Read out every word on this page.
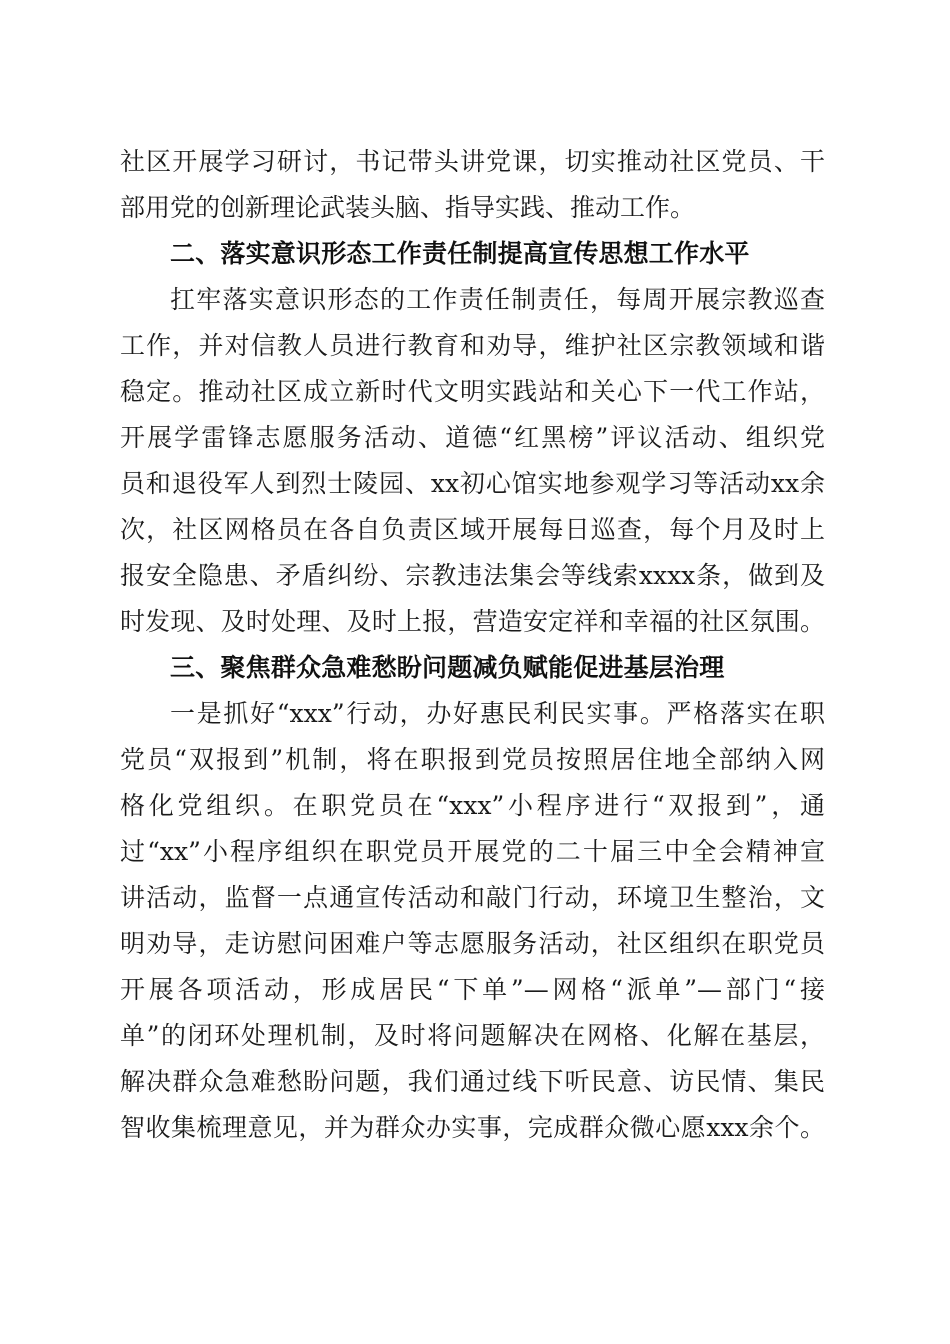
社区开展学习研讨，书记带头讲党课，切实推动社区党员、干
部用党的创新理论武装头脑、指导实践、推动工作。
二、落实意识形态工作责任制提高宣传思想工作水平
扛牢落实意识形态的工作责任制责任，每周开展宗教巡查
工作，并对信教人员进行教育和劝导，维护社区宗教领域和谐
稳定。推动社区成立新时代文明实践站和关心下一代工作站，
开展学雷锋志愿服务活动、道德“红黑榜”评议活动、组织党
员和退役军人到烈士陵园、xx初心馆实地参观学习等活动xx余
次，社区网格员在各自负责区域开展每日巡查，每个月及时上
报安全隐患、矛盾纠纷、宗教违法集会等线索xxxx条，做到及
时发现、及时处理、及时上报，营造安定祥和幸福的社区氛围。
三、聚焦群众急难愁盼问题减负赋能促进基层治理
一是抓好“xxx”行动，办好惠民利民实事。严格落实在职
党员“双报到”机制，将在职报到党员按照居住地全部纳入网
格化党组织。在职党员在“xxx”小程序进行“双报到”，通
过“xx”小程序组织在职党员开展党的二十届三中全会精神宣
讲活动，监督一点通宣传活动和敲门行动，环境卫生整治，文
明劝导，走访慰问困难户等志愿服务活动，社区组织在职党员
开展各项活动，形成居民“下单”—网格“派单”—部门“接
单”的闭环处理机制，及时将问题解决在网格、化解在基层，
解决群众急难愁盼问题，我们通过线下听民意、访民情、集民
智收集梳理意见，并为群众办实事，完成群众微心愿xxx余个。
